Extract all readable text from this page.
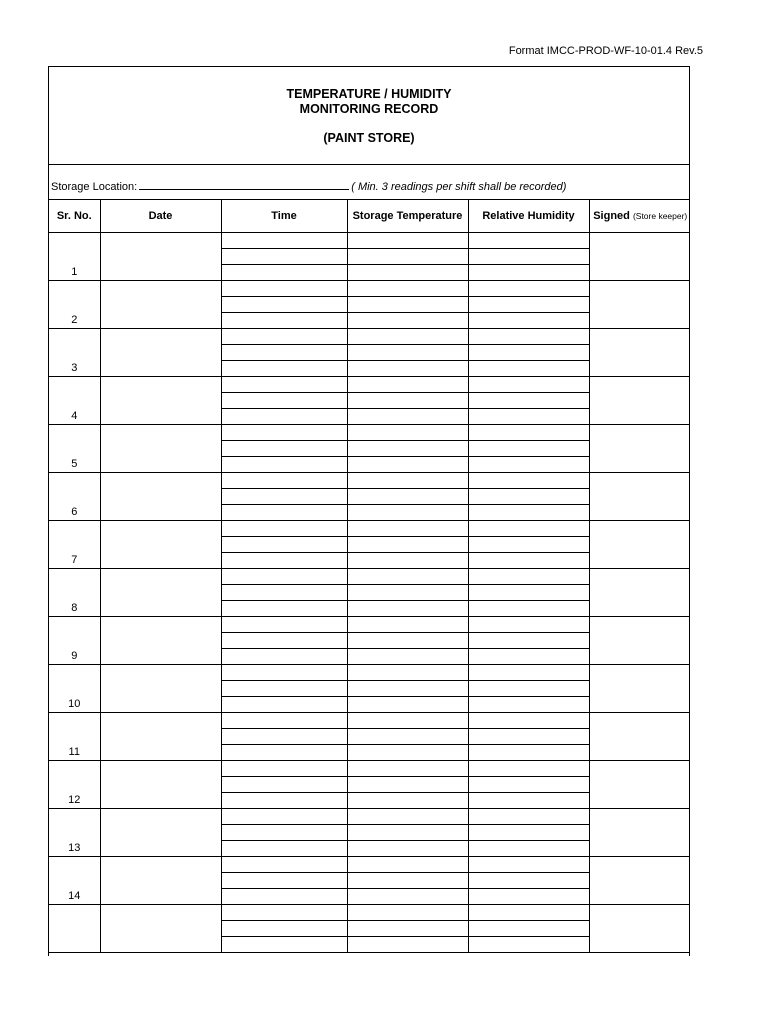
Format IMCC-PROD-WF-10-01.4 Rev.5
TEMPERATURE / HUMIDITY
MONITORING RECORD
(PAINT STORE)
Storage Location:	( Min. 3 readings per shift shall be recorded)
Sr. No.	Date	Time	Storage Temperature	Relative Humidity	Signed (Store keeper)
1					

2					

3					

4					

5					

6					

7					

8					

9					

10					

11					

12					

13					

14					
